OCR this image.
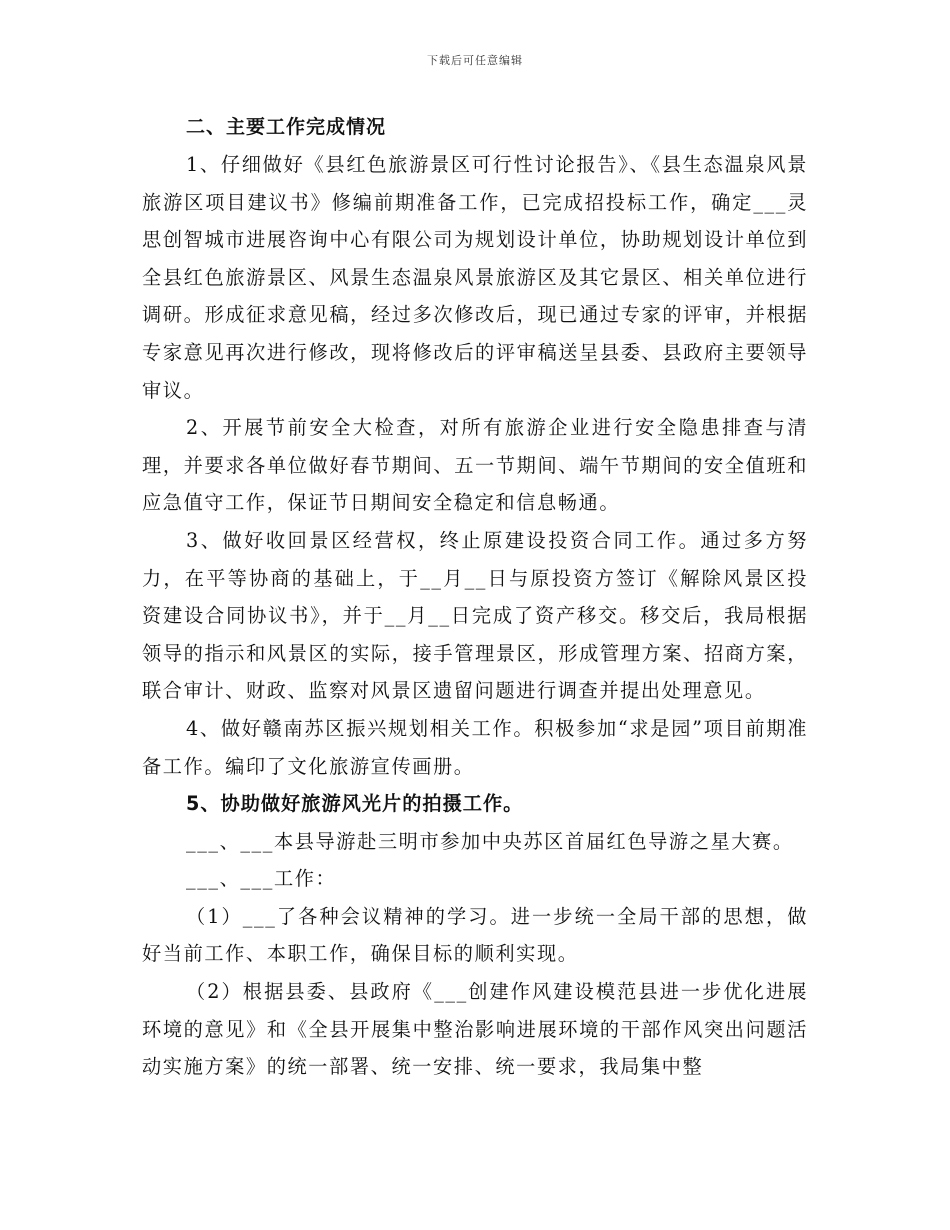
下载后可任意编辑
二、主要工作完成情况

1、仔细做好《县红色旅游景区可行性讨论报告》、《县生态温泉风景旅游区项目建议书》修编前期准备工作，已完成招投标工作，确定___灵思创智城市进展咨询中心有限公司为规划设计单位，协助规划设计单位到全县红色旅游景区、风景生态温泉风景旅游区及其它景区、相关单位进行调研。形成征求意见稿，经过多次修改后，现已通过专家的评审，并根据专家意见再次进行修改，现将修改后的评审稿送呈县委、县政府主要领导审议。

2、开展节前安全大检查，对所有旅游企业进行安全隐患排查与清理，并要求各单位做好春节期间、五一节期间、端午节期间的安全值班和应急值守工作，保证节日期间安全稳定和信息畅通。

3、做好收回景区经营权，终止原建设投资合同工作。通过多方努力，在平等协商的基础上，于__月__日与原投资方签订《解除风景区投资建设合同协议书》，并于__月__日完成了资产移交。移交后，我局根据领导的指示和风景区的实际，接手管理景区，形成管理方案、招商方案，联合审计、财政、监察对风景区遗留问题进行调查并提出处理意见。

4、做好赣南苏区振兴规划相关工作。积极参加“求是园”项目前期准备工作。编印了文化旅游宣传画册。

5、协助做好旅游风光片的拍摄工作。

___、___本县导游赴三明市参加中央苏区首届红色导游之星大赛。

___、___工作：

（1）___了各种会议精神的学习。进一步统一全局干部的思想，做好当前工作、本职工作，确保目标的顺利实现。

（2）根据县委、县政府《___创建作风建设模范县进一步优化进展环境的意见》和《全县开展集中整治影响进展环境的干部作风突出问题活动实施方案》的统一部署、统一安排、统一要求，我局集中整
